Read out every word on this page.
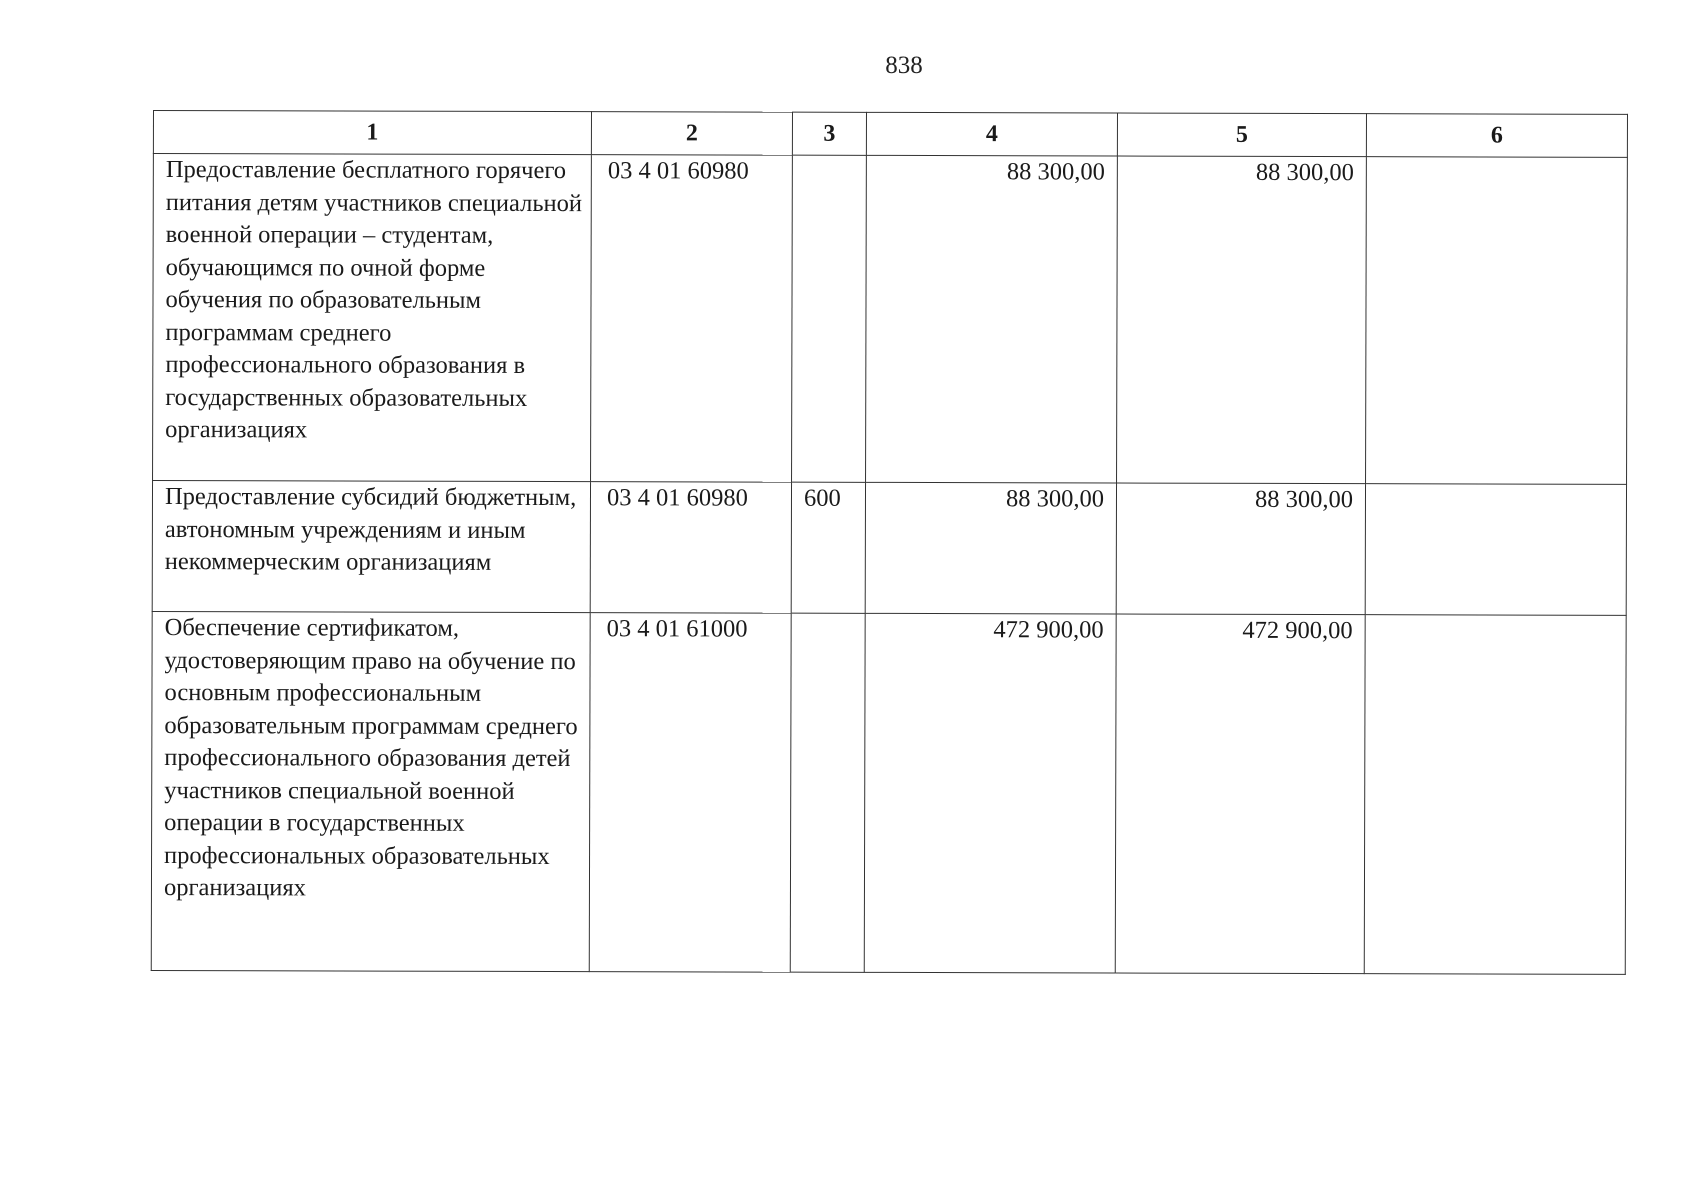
838
1	2	3	4	5	6
Предоставление бесплатного горячего питания детям участников специальной военной операции – студентам, обучающимся по очной форме обучения по образовательным программам среднего профессионального образования в государственных образовательных организациях	03 4 01 60980		88 300,00	88 300,00	
Предоставление субсидий бюджетным, автономным учреждениям и иным некоммерческим организациям	03 4 01 60980	600	88 300,00	88 300,00	
Обеспечение сертификатом, удостоверяющим право на обучение по основным профессиональным образовательным программам среднего профессионального образования детей участников специальной военной операции в государственных профессиональных образовательных организациях	03 4 01 61000		472 900,00	472 900,00	
